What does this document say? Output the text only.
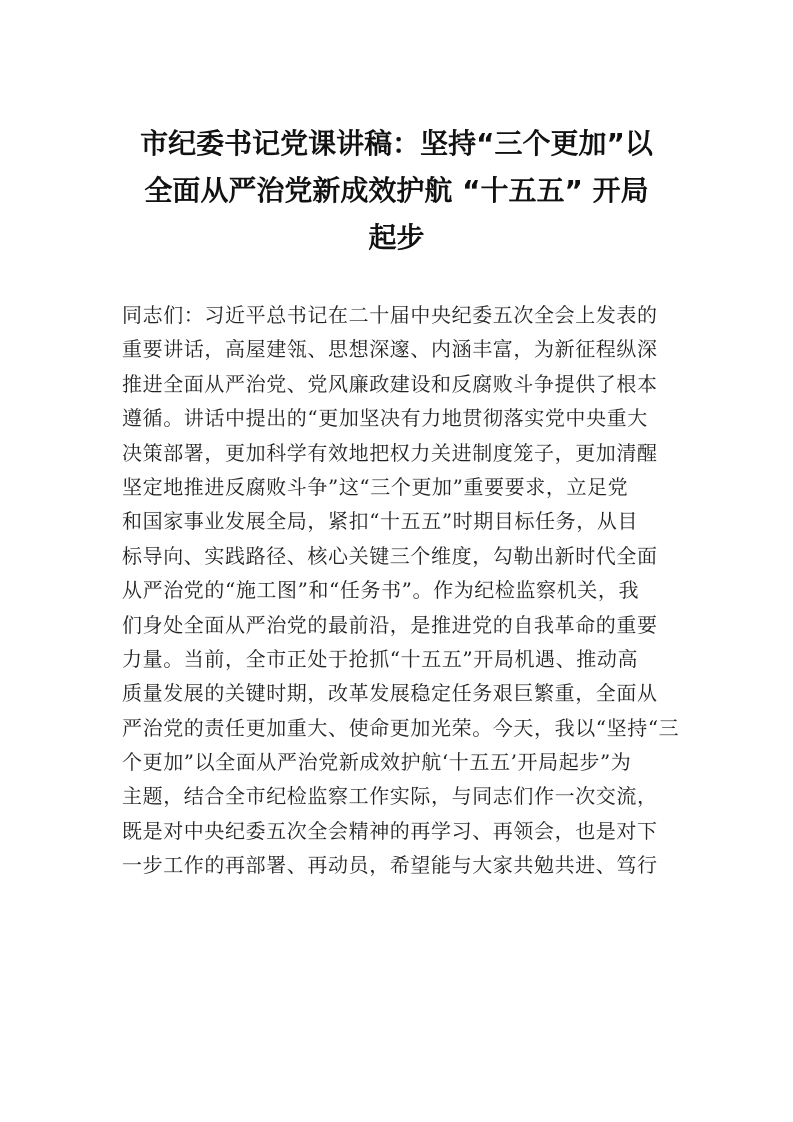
市纪委书记党课讲稿：坚持“三个更加”以
全面从严治党新成效护航 “十五五” 开局
起步
同志们：习近平总书记在二十届中央纪委五次全会上发表的
重要讲话，高屋建瓴、思想深邃、内涵丰富，为新征程纵深
推进全面从严治党、党风廉政建设和反腐败斗争提供了根本
遵循。讲话中提出的“更加坚决有力地贯彻落实党中央重大
决策部署，更加科学有效地把权力关进制度笼子，更加清醒
坚定地推进反腐败斗争”这“三个更加”重要要求，立足党
和国家事业发展全局，紧扣“十五五”时期目标任务，从目
标导向、实践路径、核心关键三个维度，勾勒出新时代全面
从严治党的“施工图”和“任务书”。作为纪检监察机关，我
们身处全面从严治党的最前沿，是推进党的自我革命的重要
力量。当前，全市正处于抢抓“十五五”开局机遇、推动高
质量发展的关键时期，改革发展稳定任务艰巨繁重，全面从
严治党的责任更加重大、使命更加光荣。今天，我以“坚持“三
个更加”以全面从严治党新成效护航‘十五五’开局起步”为
主题，结合全市纪检监察工作实际，与同志们作一次交流，
既是对中央纪委五次全会精神的再学习、再领会，也是对下
一步工作的再部署、再动员，希望能与大家共勉共进、笃行
